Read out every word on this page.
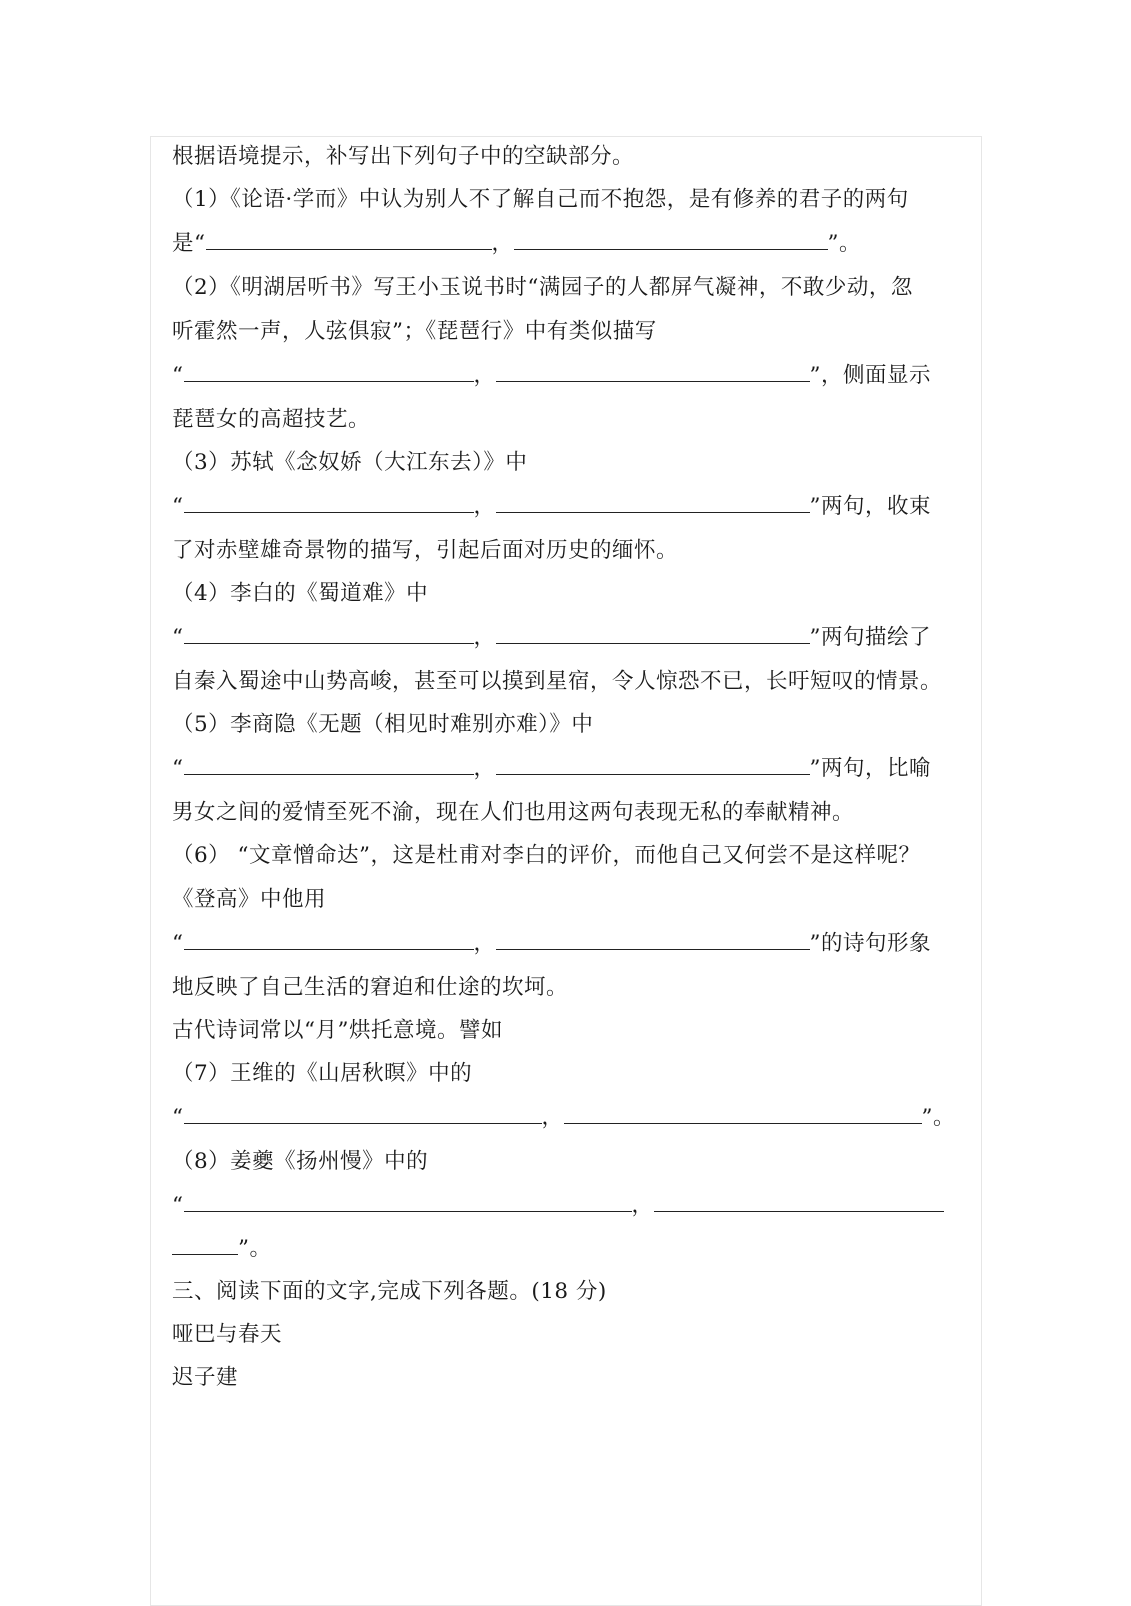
根据语境提示，补写出下列句子中的空缺部分。
（1）《论语·学而》中认为别人不了解自己而不抱怨，是有修养的君子的两句
是“	，	”。
（2）《明湖居听书》写王小玉说书时“满园子的人都屏气凝神，不敢少动，忽
听霍然一声，人弦俱寂”；《琵琶行》中有类似描写
“	，	”，侧面显示
琵琶女的高超技艺。
（3）苏轼《念奴娇（大江东去）》中
“	，	”两句，收束
了对赤壁雄奇景物的描写，引起后面对历史的缅怀。
（4）李白的《蜀道难》中
“	，	”两句描绘了
自秦入蜀途中山势高峻，甚至可以摸到星宿，令人惊恐不已，长吁短叹的情景。
（5）李商隐《无题（相见时难别亦难）》中
“	，	”两句，比喻
男女之间的爱情至死不渝，现在人们也用这两句表现无私的奉献精神。
（6） “文章憎命达”，这是杜甫对李白的评价，而他自己又何尝不是这样呢？
《登高》中他用
“	，	”的诗句形象
地反映了自己生活的窘迫和仕途的坎坷。
古代诗词常以“月”烘托意境。譬如
（7）王维的《山居秋暝》中的
“	，	”。
（8）姜夔《扬州慢》中的
“	，
”。
三、阅读下面的文字,完成下列各题。(18 分)
哑巴与春天
迟子建
